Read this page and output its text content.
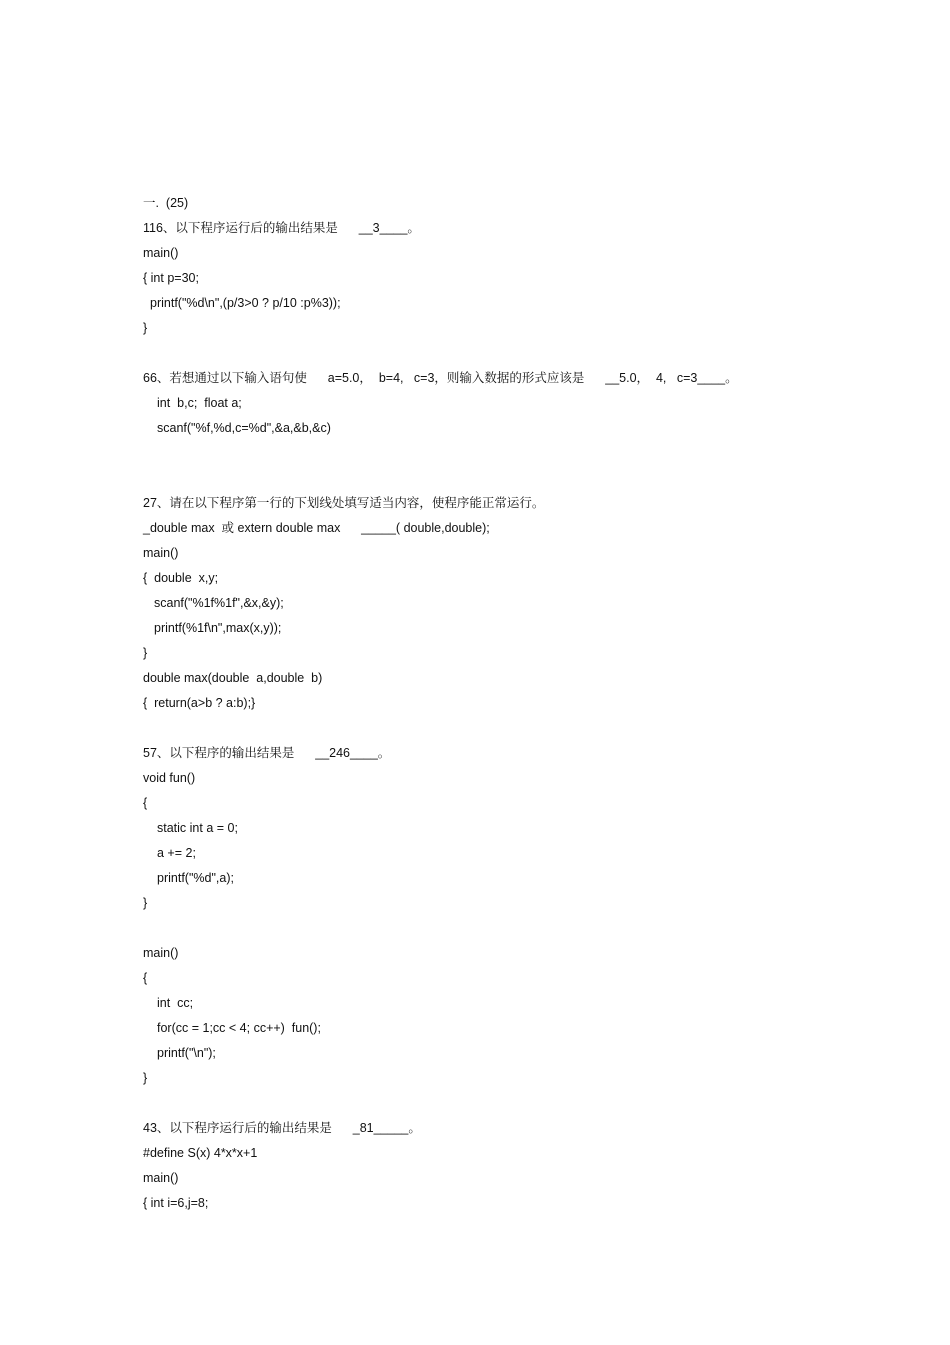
一.  (25)
116、以下程序运行后的输出结果是      __3____。
main()
{ int p=30;
printf("%d\n",(p/3>0 ? p/10 :p%3));
}
66、若想通过以下输入语句使      a=5.0，  b=4,   c=3，则输入数据的形式应该是      __5.0，  4,   c=3____。
int  b,c;  float a;
scanf("%f,%d,c=%d",&a,&b,&c)
27、请在以下程序第一行的下划线处填写适当内容，使程序能正常运行。
_double max  或 extern double max      _____( double,double);
main()
{  double  x,y;
scanf("%1f%1f",&x,&y);
printf(%1f\n",max(x,y));
}
double max(double  a,double  b)
{  return(a>b ? a:b);}
57、以下程序的输出结果是      __246____。
void fun()
{
static int a = 0;
a += 2;
printf("%d",a);
}
main()
{
int  cc;
for(cc = 1;cc < 4; cc++)  fun();
printf("\n");
}
43、以下程序运行后的输出结果是      _81_____。
#define S(x) 4*x*x+1
main()
{ int i=6,j=8;
